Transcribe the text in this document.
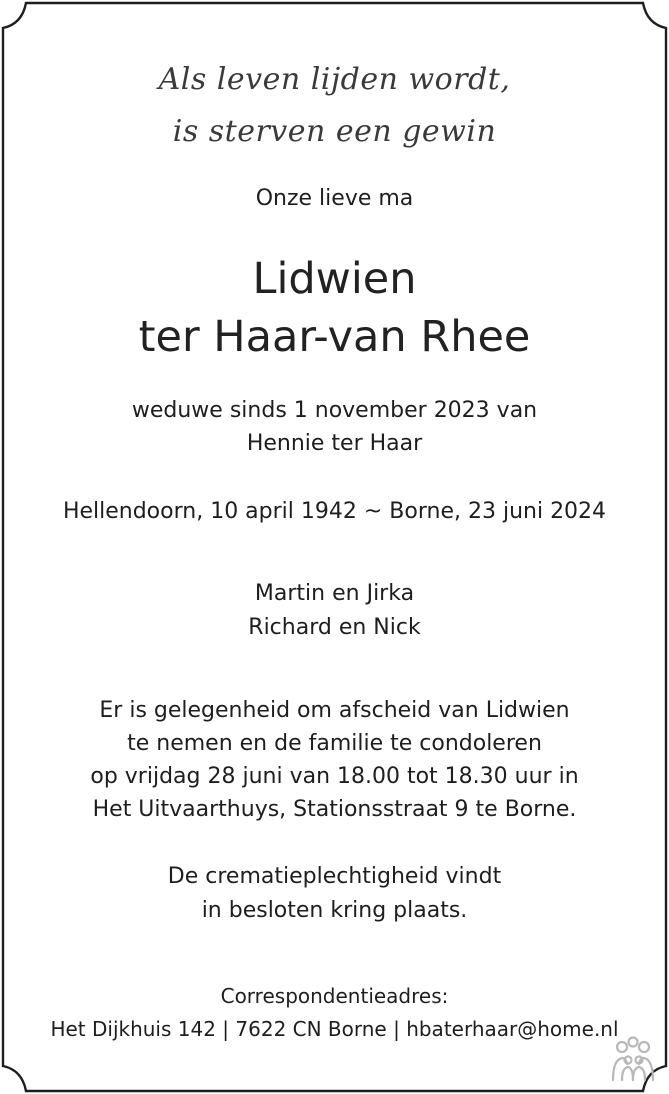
Als leven lijden wordt,
is sterven een gewin
Onze lieve ma
Lidwien
ter Haar-van Rhee
weduwe sinds 1 november 2023 van
Hennie ter Haar
Hellendoorn, 10 april 1942 ~ Borne, 23 juni 2024
Martin en Jirka
Richard en Nick
Er is gelegenheid om afscheid van Lidwien
te nemen en de familie te condoleren
op vrijdag 28 juni van 18.00 tot 18.30 uur in
Het Uitvaarthuys, Stationsstraat 9 te Borne.
De crematieplechtigheid vindt
in besloten kring plaats.
Correspondentieadres:
Het Dijkhuis 142 | 7622 CN Borne | hbaterhaar@home.nl
